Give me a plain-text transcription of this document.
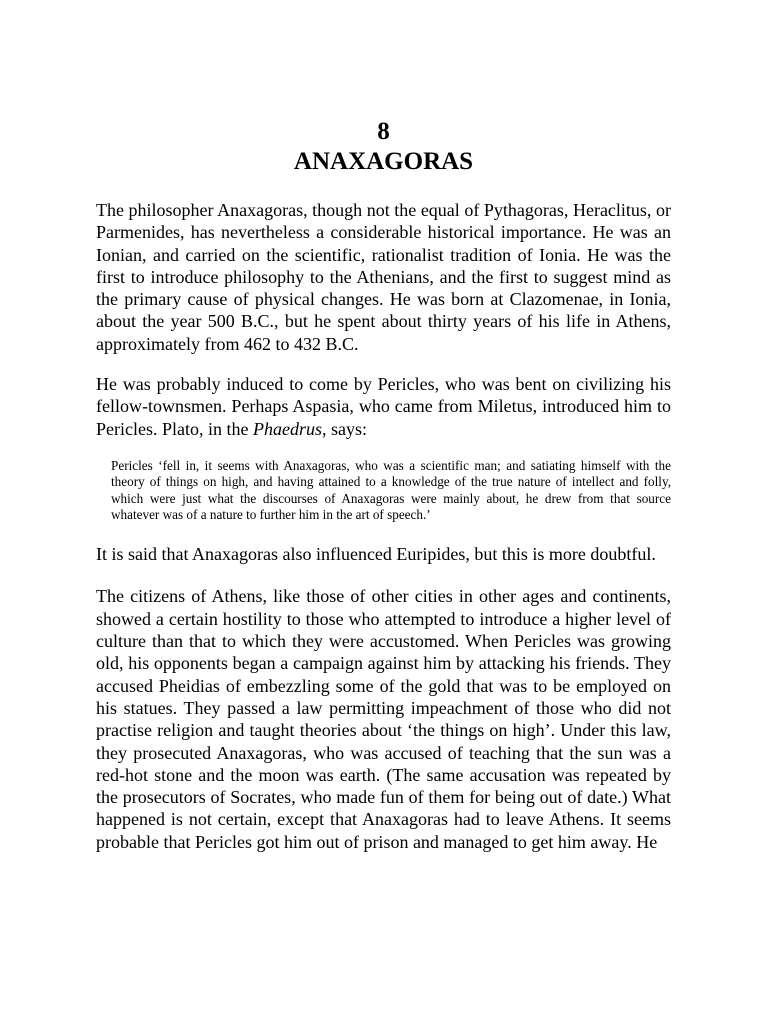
8
ANAXAGORAS

The philosopher Anaxagoras, though not the equal of Pythagoras, Heraclitus, or Parmenides, has nevertheless a considerable historical importance. He was an Ionian, and carried on the scientific, rationalist tradition of Ionia. He was the first to introduce philosophy to the Athenians, and the first to suggest mind as the primary cause of physical changes. He was born at Clazomenae, in Ionia, about the year 500 B.C., but he spent about thirty years of his life in Athens, approximately from 462 to 432 B.C.

He was probably induced to come by Pericles, who was bent on civilizing his fellow-townsmen. Perhaps Aspasia, who came from Miletus, introduced him to Pericles. Plato, in the Phaedrus, says:

Pericles ‘fell in, it seems with Anaxagoras, who was a scientific man; and satiating himself with the theory of things on high, and having attained to a knowledge of the true nature of intellect and folly, which were just what the discourses of Anaxagoras were mainly about, he drew from that source whatever was of a nature to further him in the art of speech.’

It is said that Anaxagoras also influenced Euripides, but this is more doubtful.

The citizens of Athens, like those of other cities in other ages and continents, showed a certain hostility to those who attempted to introduce a higher level of culture than that to which they were accustomed. When Pericles was growing old, his opponents began a campaign against him by attacking his friends. They accused Pheidias of embezzling some of the gold that was to be employed on his statues. They passed a law permitting impeachment of those who did not practise religion and taught theories about ‘the things on high’. Under this law, they prosecuted Anaxagoras, who was accused of teaching that the sun was a red-hot stone and the moon was earth. (The same accusation was repeated by the prosecutors of Socrates, who made fun of them for being out of date.) What happened is not certain, except that Anaxagoras had to leave Athens. It seems probable that Pericles got him out of prison and managed to get him away. He
